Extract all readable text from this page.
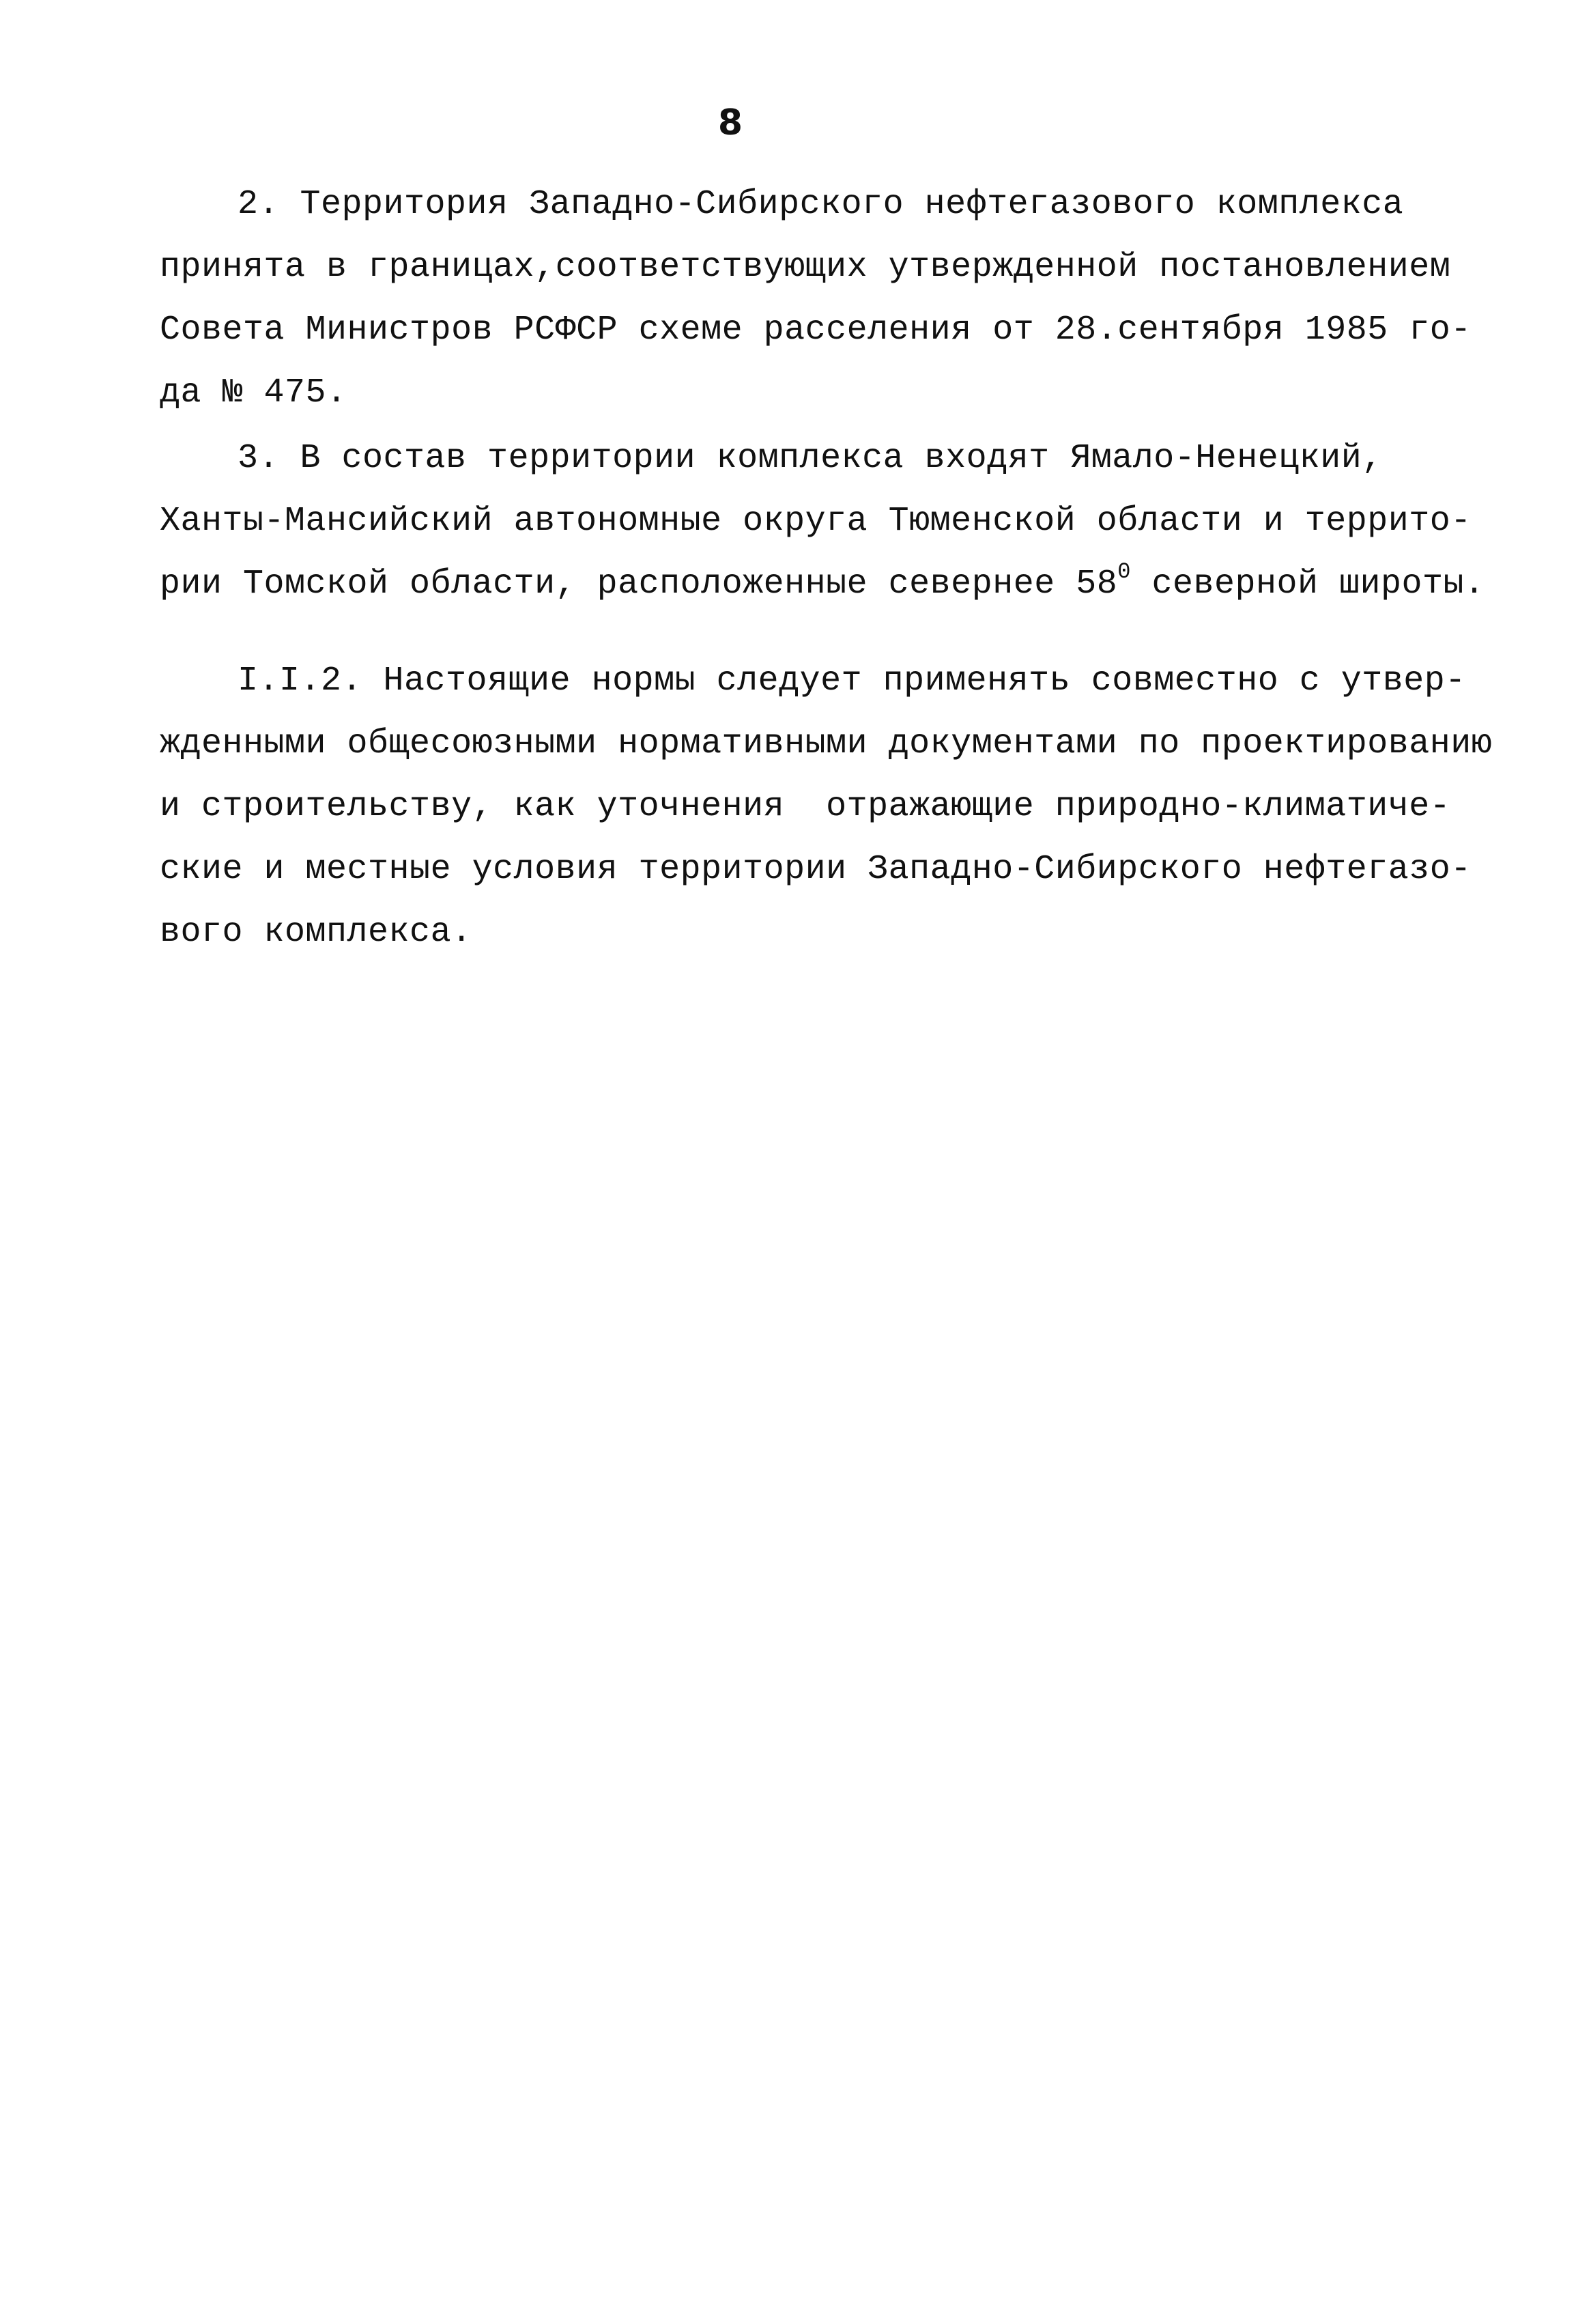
8
2. Территория Западно-Сибирского нефтегазового комплекса
принята в границах,соответствующих утвержденной постановлением
Совета Министров РСФСР схеме расселения от 28.сентября 1985 го-
да № 475.
3. В состав территории комплекса входят Ямало-Ненецкий,
Ханты-Мансийский автономные округа Тюменской области и террито-
рии Томской области, расположенные севернее $58^0$ северной широты.
I.I.2. Настоящие нормы следует применять совместно с утвер-
жденными общесоюзными нормативными документами по проектированию
и строительству, как уточнения  отражающие природно-климатиче-
ские и местные условия территории Западно-Сибирского нефтегазо-
вого комплекса.
